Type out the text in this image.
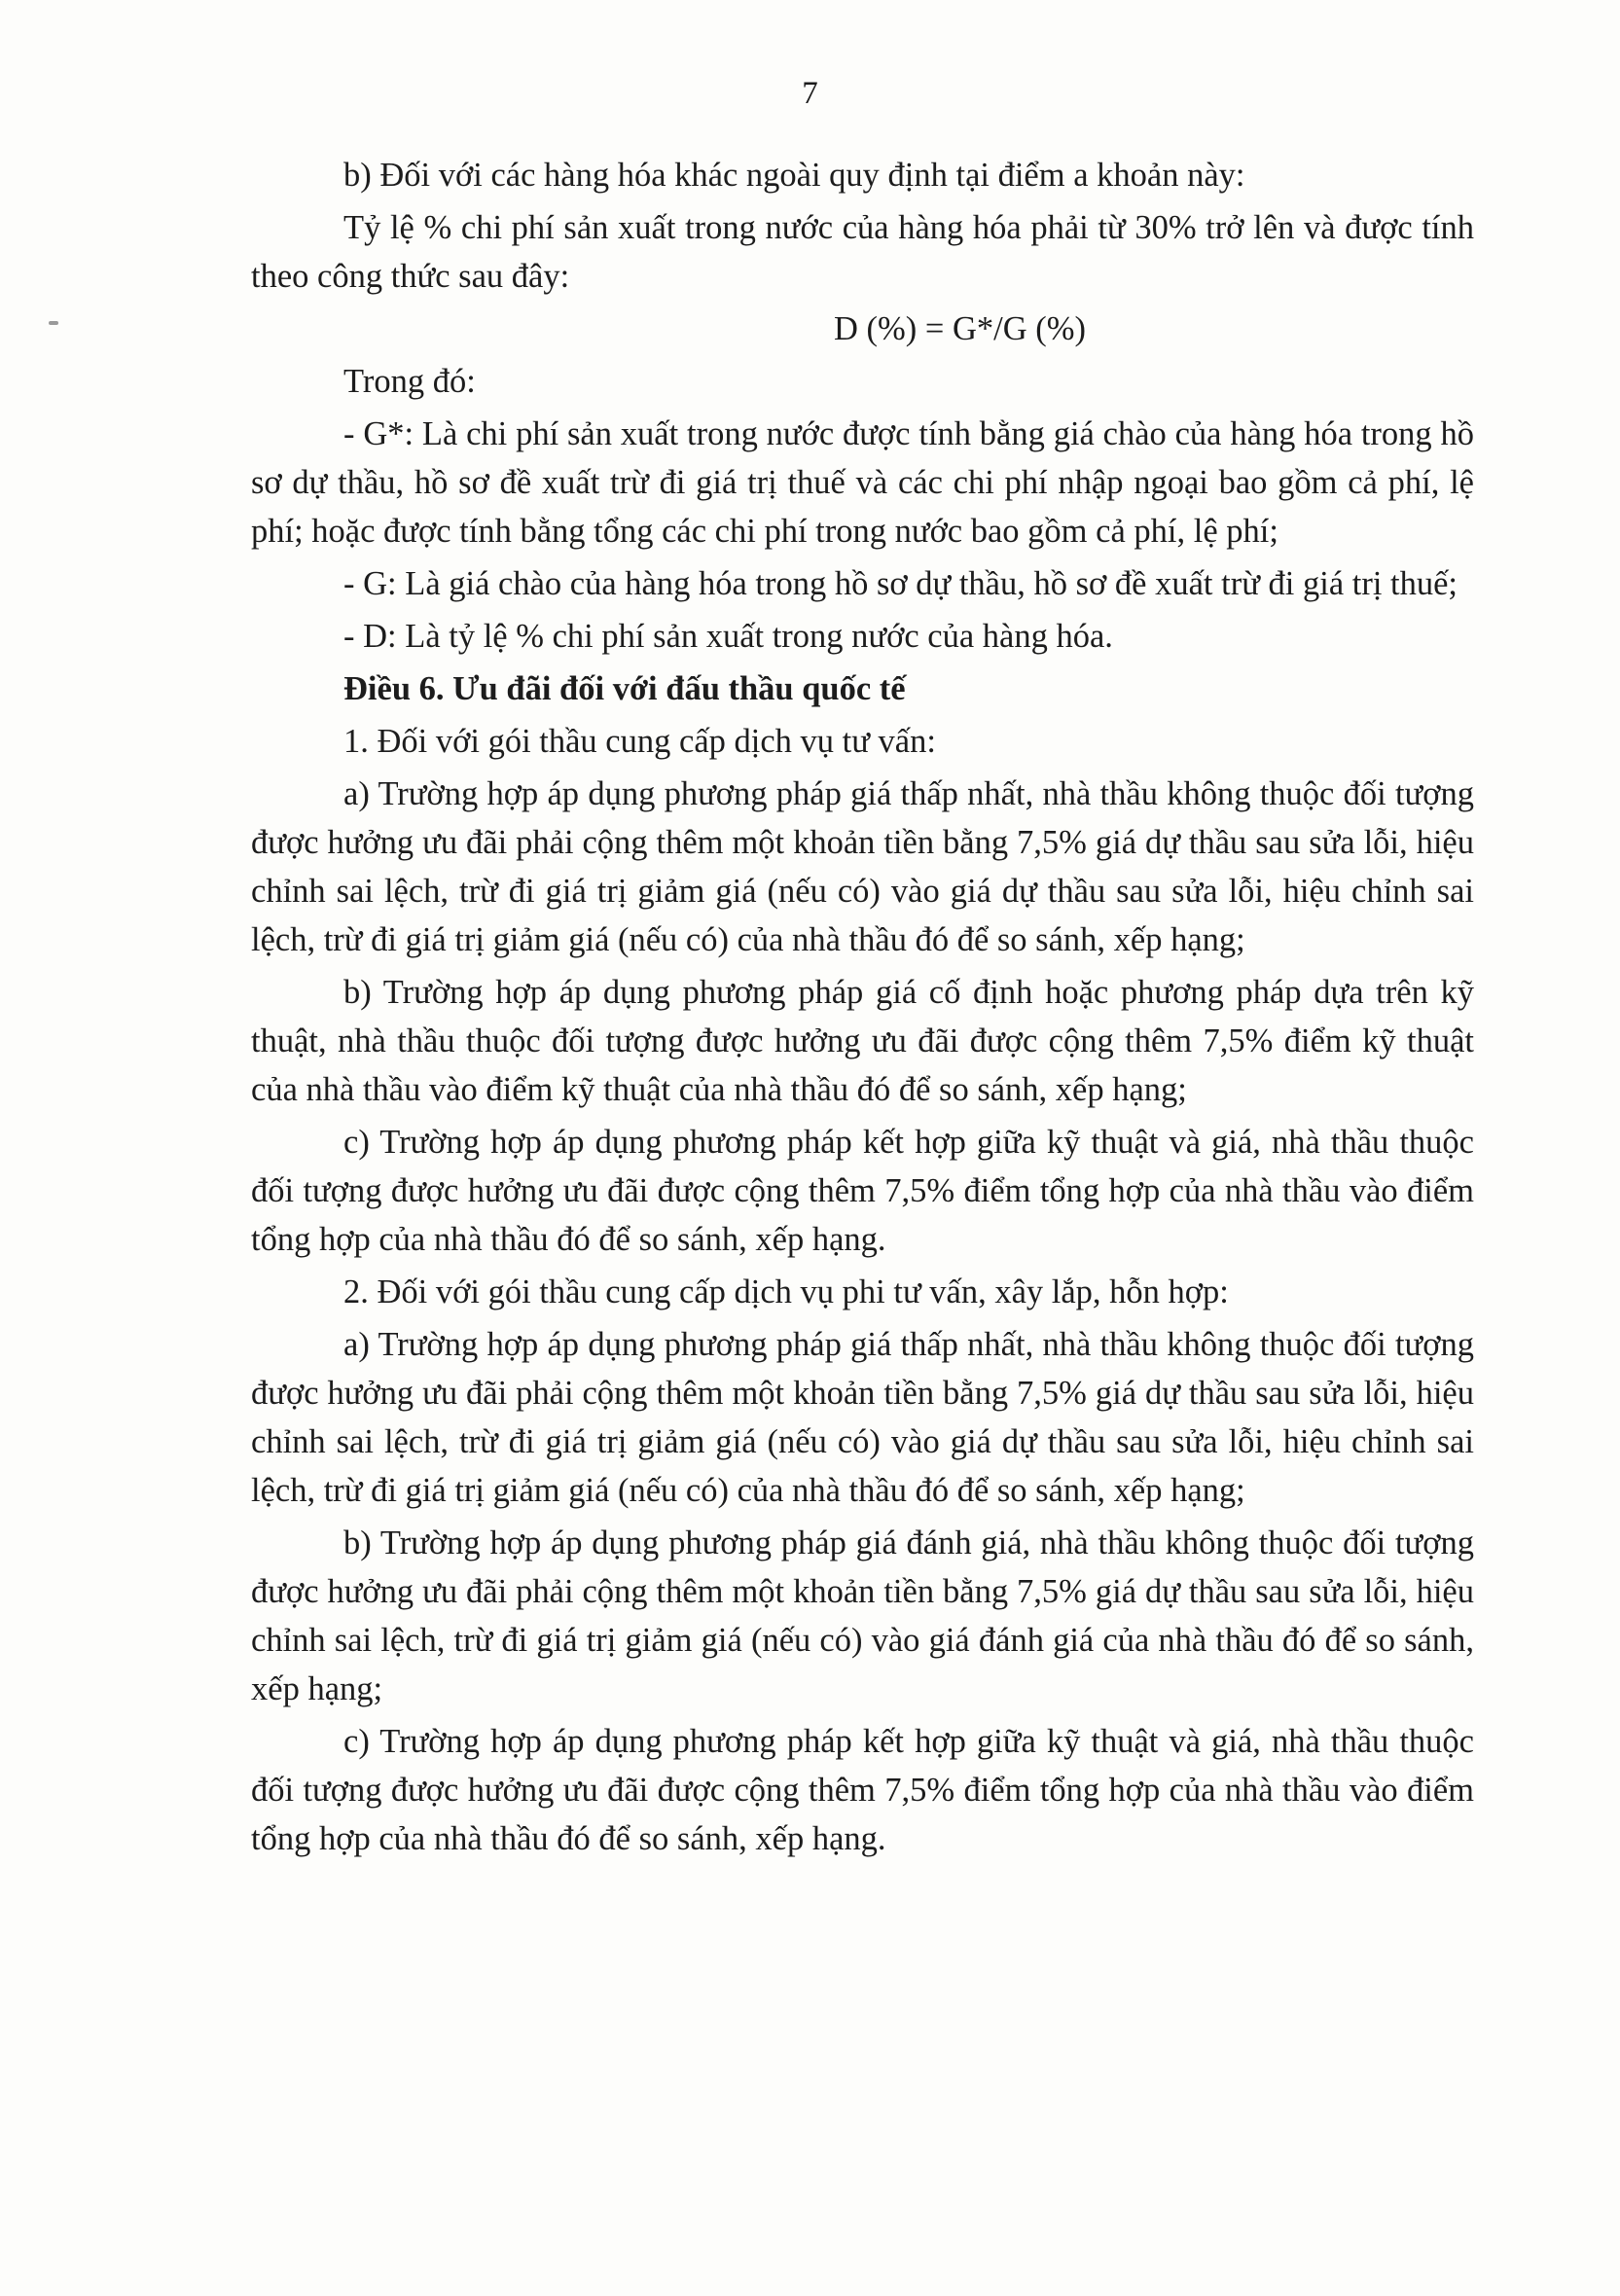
7

b) Đối với các hàng hóa khác ngoài quy định tại điểm a khoản này:

Tỷ lệ % chi phí sản xuất trong nước của hàng hóa phải từ 30% trở lên và được tính theo công thức sau đây:

D (%) = G*/G (%)

Trong đó:

- G*: Là chi phí sản xuất trong nước được tính bằng giá chào của hàng hóa trong hồ sơ dự thầu, hồ sơ đề xuất trừ đi giá trị thuế và các chi phí nhập ngoại bao gồm cả phí, lệ phí; hoặc được tính bằng tổng các chi phí trong nước bao gồm cả phí, lệ phí;

- G: Là giá chào của hàng hóa trong hồ sơ dự thầu, hồ sơ đề xuất trừ đi giá trị thuế;

- D: Là tỷ lệ % chi phí sản xuất trong nước của hàng hóa.

Điều 6. Ưu đãi đối với đấu thầu quốc tế

1. Đối với gói thầu cung cấp dịch vụ tư vấn:

a) Trường hợp áp dụng phương pháp giá thấp nhất, nhà thầu không thuộc đối tượng được hưởng ưu đãi phải cộng thêm một khoản tiền bằng 7,5% giá dự thầu sau sửa lỗi, hiệu chỉnh sai lệch, trừ đi giá trị giảm giá (nếu có) vào giá dự thầu sau sửa lỗi, hiệu chỉnh sai lệch, trừ đi giá trị giảm giá (nếu có) của nhà thầu đó để so sánh, xếp hạng;

b) Trường hợp áp dụng phương pháp giá cố định hoặc phương pháp dựa trên kỹ thuật, nhà thầu thuộc đối tượng được hưởng ưu đãi được cộng thêm 7,5% điểm kỹ thuật của nhà thầu vào điểm kỹ thuật của nhà thầu đó để so sánh, xếp hạng;

c) Trường hợp áp dụng phương pháp kết hợp giữa kỹ thuật và giá, nhà thầu thuộc đối tượng được hưởng ưu đãi được cộng thêm 7,5% điểm tổng hợp của nhà thầu vào điểm tổng hợp của nhà thầu đó để so sánh, xếp hạng.

2. Đối với gói thầu cung cấp dịch vụ phi tư vấn, xây lắp, hỗn hợp:

a) Trường hợp áp dụng phương pháp giá thấp nhất, nhà thầu không thuộc đối tượng được hưởng ưu đãi phải cộng thêm một khoản tiền bằng 7,5% giá dự thầu sau sửa lỗi, hiệu chỉnh sai lệch, trừ đi giá trị giảm giá (nếu có) vào giá dự thầu sau sửa lỗi, hiệu chỉnh sai lệch, trừ đi giá trị giảm giá (nếu có) của nhà thầu đó để so sánh, xếp hạng;

b) Trường hợp áp dụng phương pháp giá đánh giá, nhà thầu không thuộc đối tượng được hưởng ưu đãi phải cộng thêm một khoản tiền bằng 7,5% giá dự thầu sau sửa lỗi, hiệu chỉnh sai lệch, trừ đi giá trị giảm giá (nếu có) vào giá đánh giá của nhà thầu đó để so sánh, xếp hạng;

c) Trường hợp áp dụng phương pháp kết hợp giữa kỹ thuật và giá, nhà thầu thuộc đối tượng được hưởng ưu đãi được cộng thêm 7,5% điểm tổng hợp của nhà thầu vào điểm tổng hợp của nhà thầu đó để so sánh, xếp hạng.
